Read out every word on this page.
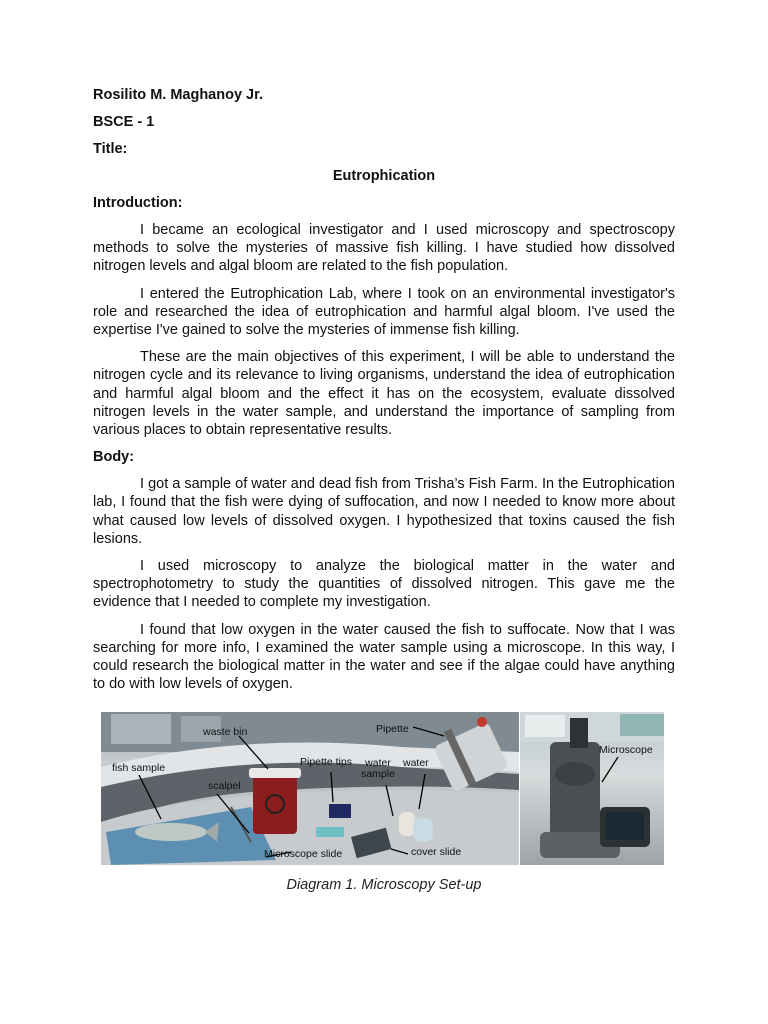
Rosilito M. Maghanoy Jr.
BSCE - 1
Title:
Eutrophication
Introduction:

I became an ecological investigator and I used microscopy and spectroscopy methods to solve the mysteries of massive fish killing. I have studied how dissolved nitrogen levels and algal bloom are related to the fish population.

I entered the Eutrophication Lab, where I took on an environmental investigator's role and researched the idea of eutrophication and harmful algal bloom. I've used the expertise I've gained to solve the mysteries of immense fish killing.

These are the main objectives of this experiment, I will be able to understand the nitrogen cycle and its relevance to living organisms, understand the idea of eutrophication and harmful algal bloom and the effect it has on the ecosystem, evaluate dissolved nitrogen levels in the water sample, and understand the importance of sampling from various places to obtain representative results.

Body:

I got a sample of water and dead fish from Trisha’s Fish Farm. In the Eutrophication lab, I found that the fish were dying of suffocation, and now I needed to know more about what caused low levels of dissolved oxygen. I hypothesized that toxins caused the fish lesions.

I used microscopy to analyze the biological matter in the water and spectrophotometry to study the quantities of dissolved nitrogen. This gave me the evidence that I needed to complete my investigation.

I found that low oxygen in the water caused the fish to suffocate. Now that I was searching for more info, I examined the water sample using a microscope. In this way, I could research the biological matter in the water and see if the algae could have anything to do with low levels of oxygen.

waste bin	Pipette
fish sample	Pipette tips	water sample
water
scalpel
Microscope slide	cover slide
Microscope
Diagram 1. Microscopy Set-up
